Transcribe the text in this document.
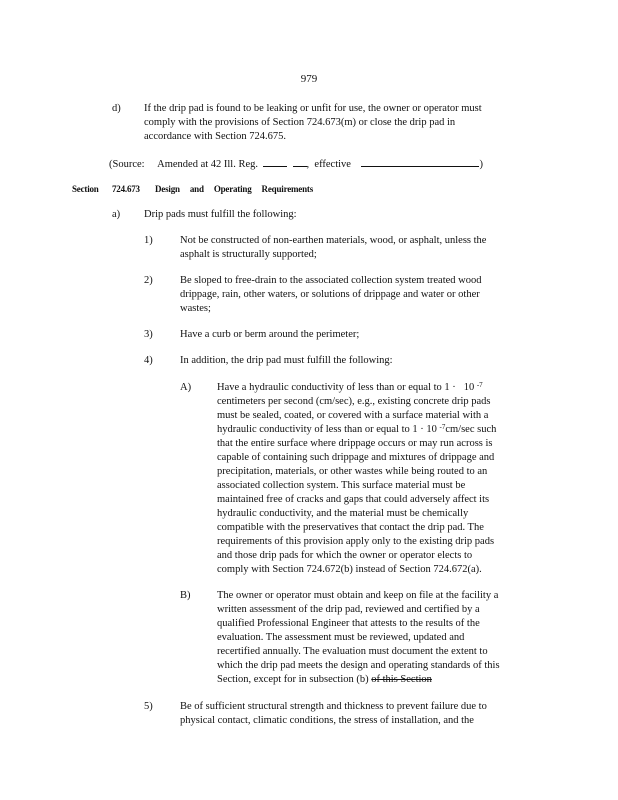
979
d) If the drip pad is found to be leaking or unfit for use, the owner or operator must
comply with the provisions of Section 724.673(m) or close the drip pad in
accordance with Section 724.675.
(Source: Amended at 42 Ill. Reg.	,  effective	)
Section 724.673 Design and Operating Requirements
a) Drip pads must fulfill the following:
1)	Not be constructed of non-earthen materials, wood, or asphalt, unless the
asphalt is structurally supported;
2)	Be sloped to free-drain to the associated collection system treated wood
drippage, rain, other waters, or solutions of drippage and water or other
wastes;
3)	Have a curb or berm around the perimeter;
4)	In addition, the drip pad must fulfill the following:
A) Have a hydraulic conductivity of less than or equal to 1 · 10 $^{-7}$
centimeters per second (cm/sec), e.g., existing concrete drip pads
must be sealed, coated, or covered with a surface material with a
hydraulic conductivity of less than or equal to 1 · 10 $^{-7}$cm/sec such
that the entire surface where drippage occurs or may run across is
capable of containing such drippage and mixtures of drippage and
precipitation, materials, or other wastes while being routed to an
associated collection system. This surface material must be
maintained free of cracks and gaps that could adversely affect its
hydraulic conductivity, and the material must be chemically
compatible with the preservatives that contact the drip pad. The
requirements of this provision apply only to the existing drip pads
and those drip pads for which the owner or operator elects to
comply with Section 724.672(b) instead of Section 724.672(a).
B)	The owner or operator must obtain and keep on file at the facility a
written assessment of the drip pad, reviewed and certified by a
qualified Professional Engineer that attests to the results of the
evaluation. The assessment must be reviewed, updated and
recertified annually. The evaluation must document the extent to
which the drip pad meets the design and operating standards of this
Section, except for in subsection (b) of this Section
5)	Be of sufficient structural strength and thickness to prevent failure due to
physical contact, climatic conditions, the stress of installation, and the
